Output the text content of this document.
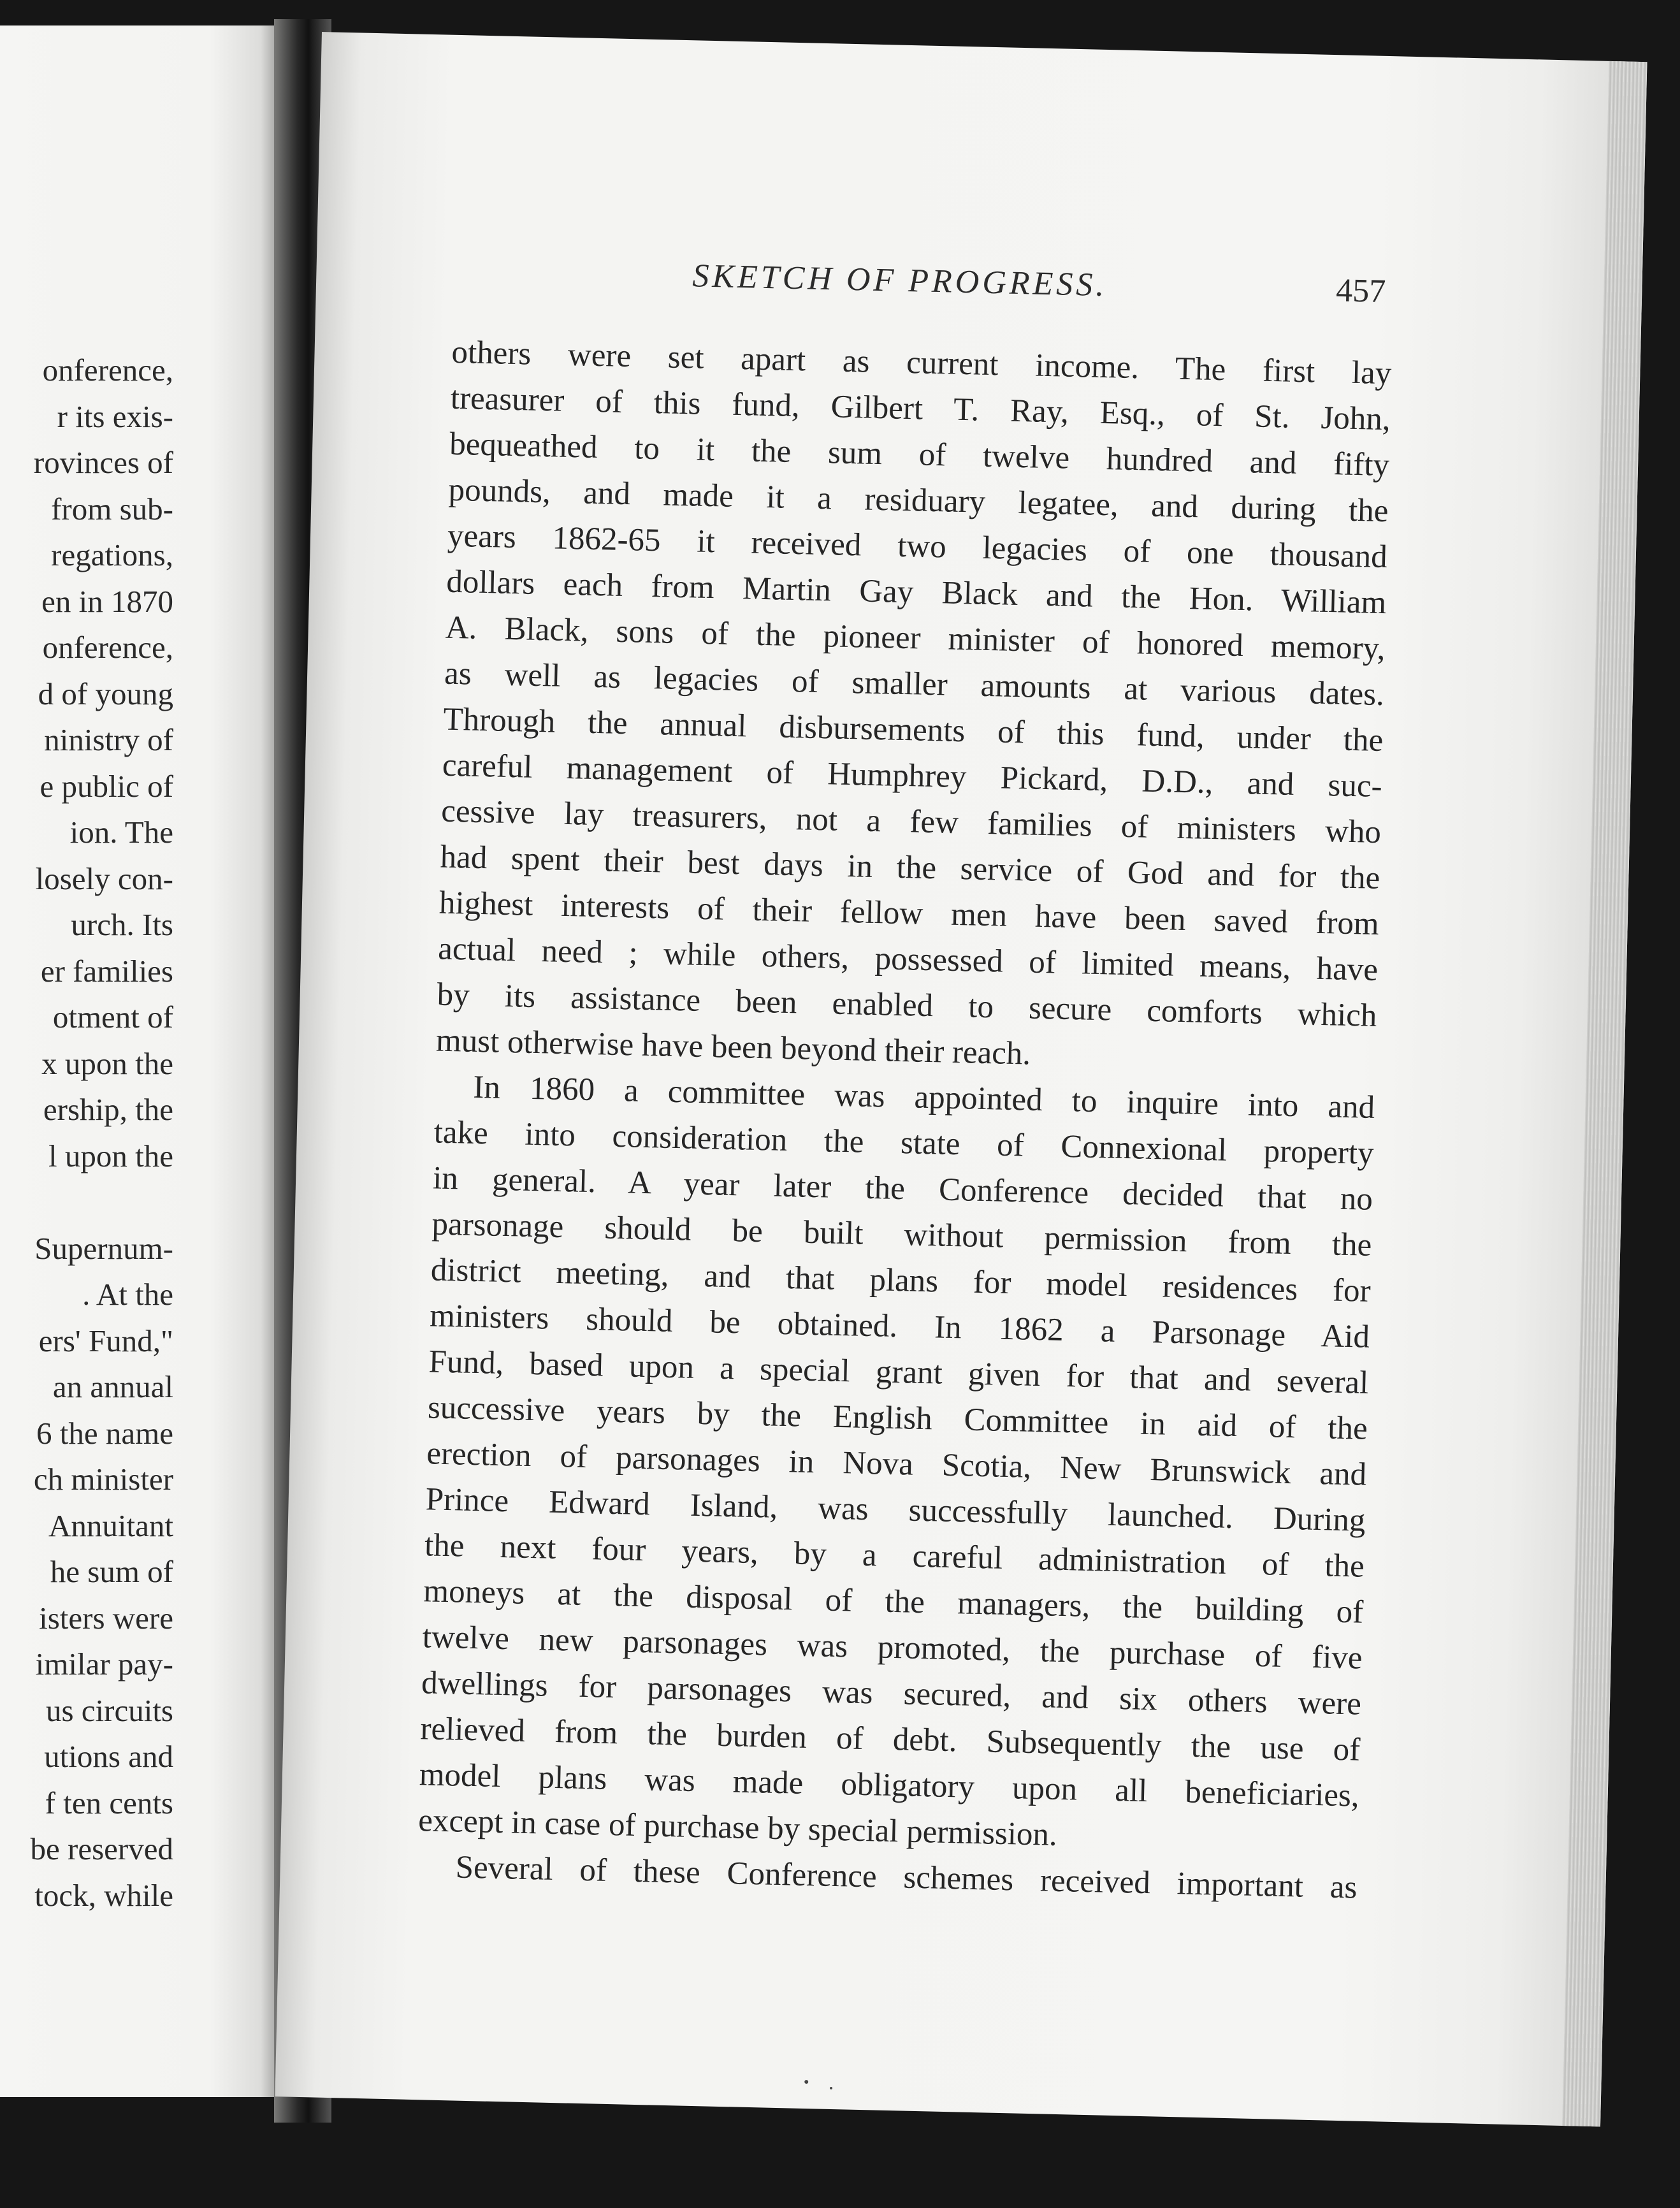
onference,
r its exis-
rovinces of
from sub-
regations,
en in 1870
onference,
d of young
ninistry of
e public of
ion. The
losely con-
urch. Its
er families
otment of
x upon the
ership, the
l upon the
Supernum-
. At the
ers' Fund,"
an annual
6 the name
ch minister
Annuitant
he sum of
isters were
imilar pay-
us circuits
utions and
f ten cents
be reserved
tock, while
SKETCH OF PROGRESS.	457
others were set apart as current income. The first lay
treasurer of this fund, Gilbert T. Ray, Esq., of St. John,
bequeathed to it the sum of twelve hundred and fifty
pounds, and made it a residuary legatee, and during the
years 1862-65 it received two legacies of one thousand
dollars each from Martin Gay Black and the Hon. William
A. Black, sons of the pioneer minister of honored memory,
as well as legacies of smaller amounts at various dates.
Through the annual disbursements of this fund, under the
careful management of Humphrey Pickard, D.D., and suc-
cessive lay treasurers, not a few families of ministers who
had spent their best days in the service of God and for the
highest interests of their fellow men have been saved from
actual need ; while others, possessed of limited means, have
by its assistance been enabled to secure comforts which
must otherwise have been beyond their reach.
In 1860 a committee was appointed to inquire into and
take into consideration the state of Connexional property
in general. A year later the Conference decided that no
parsonage should be built without permission from the
district meeting, and that plans for model residences for
ministers should be obtained. In 1862 a Parsonage Aid
Fund, based upon a special grant given for that and several
successive years by the English Committee in aid of the
erection of parsonages in Nova Scotia, New Brunswick and
Prince Edward Island, was successfully launched. During
the next four years, by a careful administration of the
moneys at the disposal of the managers, the building of
twelve new parsonages was promoted, the purchase of five
dwellings for parsonages was secured, and six others were
relieved from the burden of debt. Subsequently the use of
model plans was made obligatory upon all beneficiaries,
except in case of purchase by special permission.
Several of these Conference schemes received important as
